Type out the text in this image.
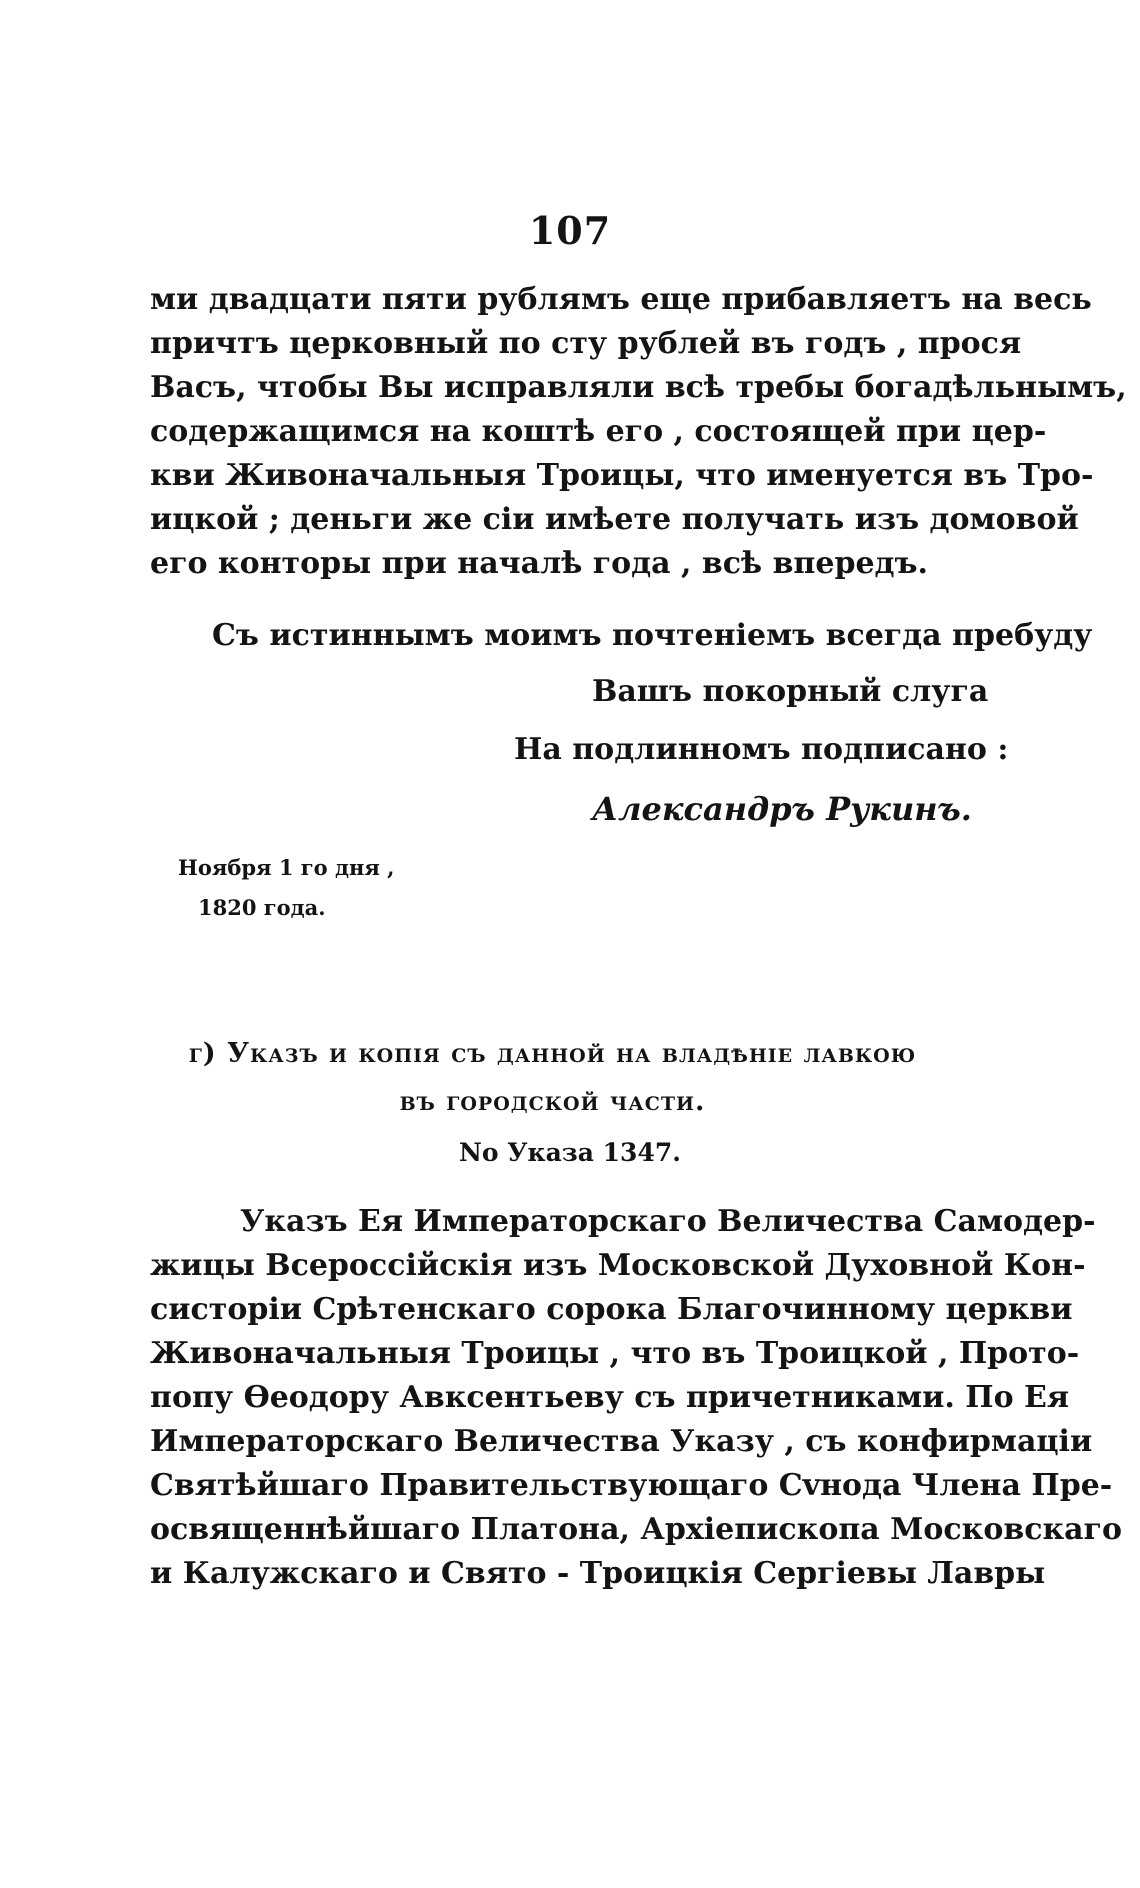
107
ми двадцати пяти рублямъ еще прибавляетъ на весь
причтъ церковный по сту рублей въ годъ , прося
Васъ, чтобы Вы исправляли всѣ требы богадѣльнымъ,
содержащимся на коштѣ его , состоящей при цер-
кви Живоначальныя Троицы, что именуется въ Тро-
ицкой ; деньги же сіи имѣете получать изъ домовой
его конторы при началѣ года , всѣ впередъ.
Съ истиннымъ моимъ почтеніемъ всегда пребуду
Вашъ покорный слуга
На подлинномъ подписано :
Александръ Рукинъ.
Ноября 1 го дня ,
1820 года.
г) Указъ и копія съ данной на владѣніе лавкою
въ городской части.
No Указа 1347.
Указъ Ея Императорскаго Величества Самодер-
жицы Всероссійскія изъ Московской Духовной Кон-
систоріи Срѣтенскаго сорока Благочинному церкви
Живоначальныя Троицы , что въ Троицкой , Прото-
попу Ѳеодору Авксентьеву съ причетниками. По Ея
Императорскаго Величества Указу , съ конфирмаціи
Святѣйшаго Правительствующаго Сvнода Члена Пре-
освященнѣйшаго Платона, Архіепископа Московскаго
и Калужскаго и Свято - Троицкія Сергіевы Лавры
